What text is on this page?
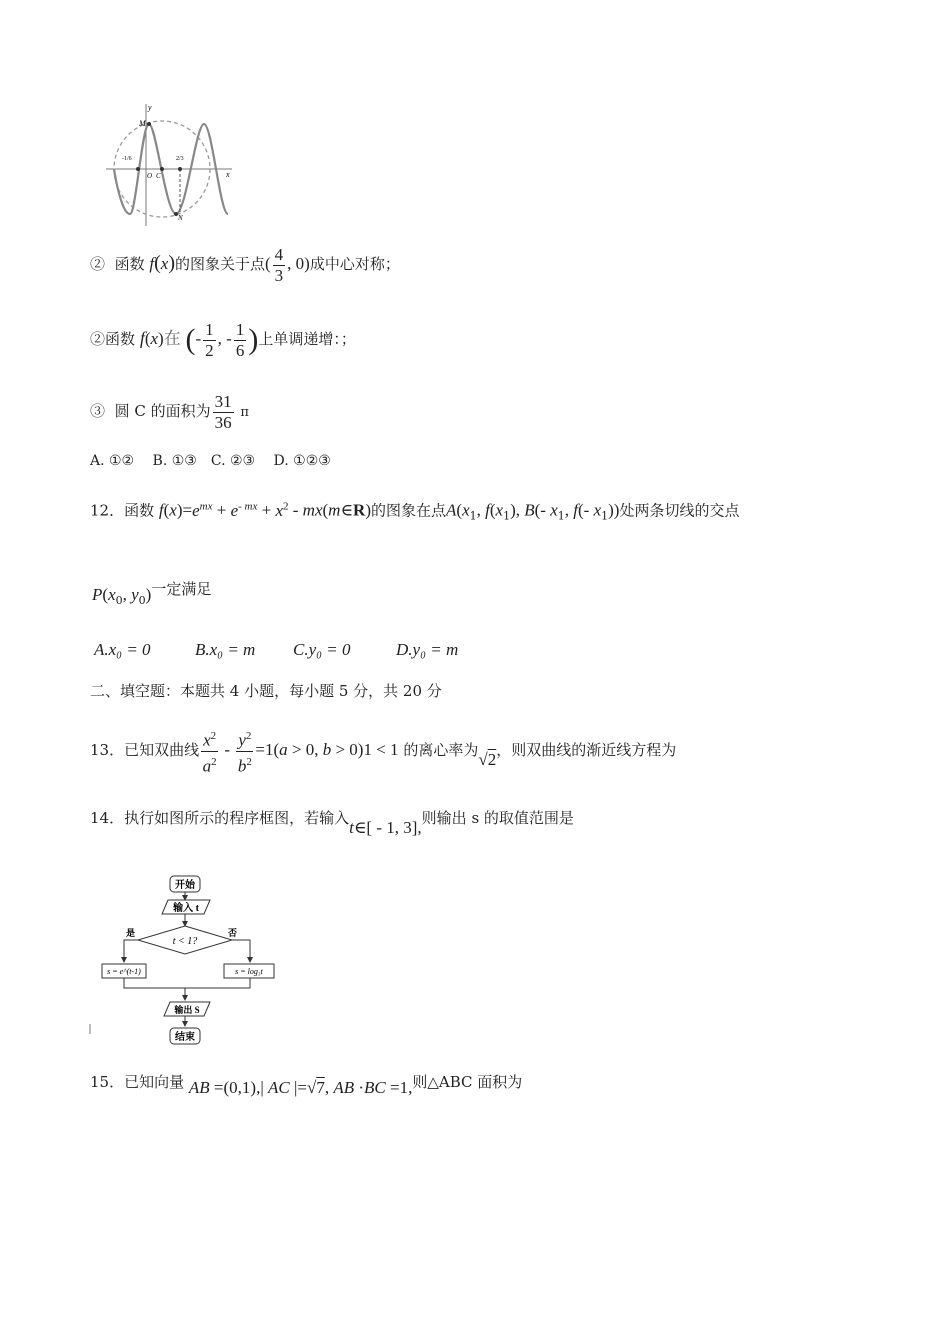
y
x
M
N
O C
-1/6	2/3
② 函数 f(x)的图象关于点( $\frac{4}{3}$ , 0)成中心对称；
②函数 f(x)在 (- $\frac{1}{2}$ , - $\frac{1}{6}$ )上单调递增：；
③ 圆 C 的面积为 $\frac{31}{36}$ π
A. ①②　 B. ①③　C. ②③　 D. ①②③
12．函数 $f(x)=e^{mx} + e^{- mx} + x^2$ - mx(m∈R)的图象在点$A(x_1$, $f(x_1)$, B(- $x_1$, f(- $x_1$))处两条切线的交点
$P(x_0$, $y_0$)一定满足
A.x₀ = 0	B.x₀ = m C.y₀ = 0	D.y₀ = m
二、填空题：本题共 4 小题，每小题 5 分，共 20 分
13．已知双曲线 $\frac{x^2}{a^2} - \frac{y^2}{b^2} =1(a > 0$, b > 0)1 < 1 的离心率为√2，则双曲线的渐近线方程为
14．执行如图所示的程序框图，若输入t∈[ - 1, 3],则输出 s 的取值范围是
开始
输入 t
t < 1?
是	否
s = e^(t-1)	s = log₃t
输出 S
结束
15．已知向量 AB =(0,1),| AC |=√7, AB ·BC =1,则△ABC 面积为
